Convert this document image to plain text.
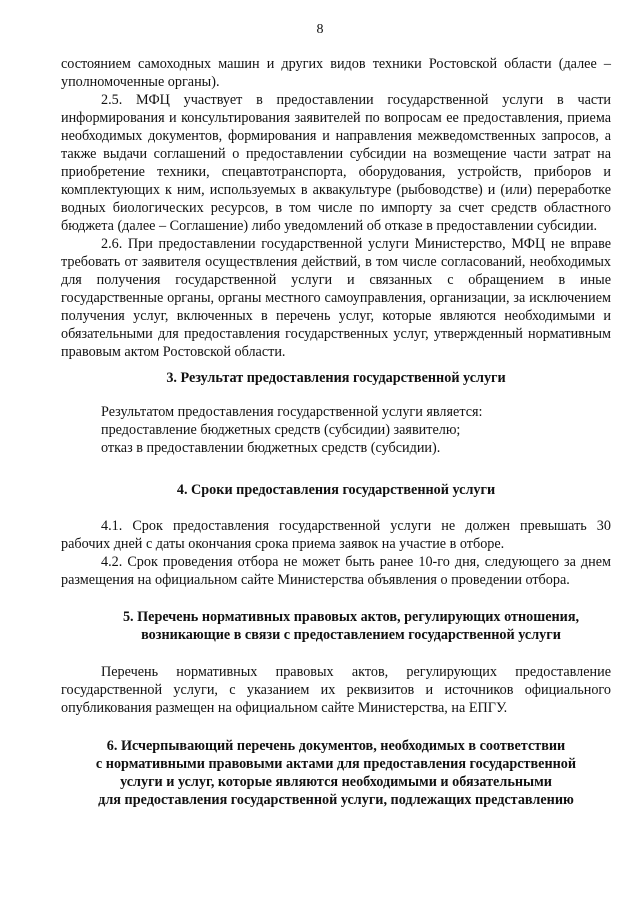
8

состоянием самоходных машин и других видов техники Ростовской области (далее – уполномоченные органы).

2.5. МФЦ участвует в предоставлении государственной услуги в части информирования и консультирования заявителей по вопросам ее предоставления, приема необходимых документов, формирования и направления межведомственных запросов, а также выдачи соглашений о предоставлении субсидии на возмещение части затрат на приобретение техники, спецавтотранспорта, оборудования, устройств, приборов и комплектующих к ним, используемых в аквакультуре (рыбоводстве) и (или) переработке водных биологических ресурсов, в том числе по импорту за счет средств областного бюджета (далее – Соглашение) либо уведомлений об отказе в предоставлении субсидии.

2.6. При предоставлении государственной услуги Министерство, МФЦ не вправе требовать от заявителя осуществления действий, в том числе согласований, необходимых для получения государственной услуги и связанных с обращением в иные государственные органы, органы местного самоуправления, организации, за исключением получения услуг, включенных в перечень услуг, которые являются необходимыми и обязательными для предоставления государственных услуг, утвержденный нормативным правовым актом Ростовской области.

3. Результат предоставления государственной услуги

Результатом предоставления государственной услуги является:

предоставление бюджетных средств (субсидии) заявителю;

отказ в предоставлении бюджетных средств (субсидии).

4. Сроки предоставления государственной услуги

4.1. Срок предоставления государственной услуги не должен превышать 30 рабочих дней с даты окончания срока приема заявок на участие в отборе.

4.2. Срок проведения отбора не может быть ранее 10-го дня, следующего за днем размещения на официальном сайте Министерства объявления о проведении отбора.

5. Перечень нормативных правовых актов, регулирующих отношения,
возникающие в связи с предоставлением государственной услуги

Перечень нормативных правовых актов, регулирующих предоставление государственной услуги, с указанием их реквизитов и источников официального опубликования размещен на официальном сайте Министерства, на ЕПГУ.

6. Исчерпывающий перечень документов, необходимых в соответствии
с нормативными правовыми актами для предоставления государственной
услуги и услуг, которые являются необходимыми и обязательными
для предоставления государственной услуги, подлежащих представлению
